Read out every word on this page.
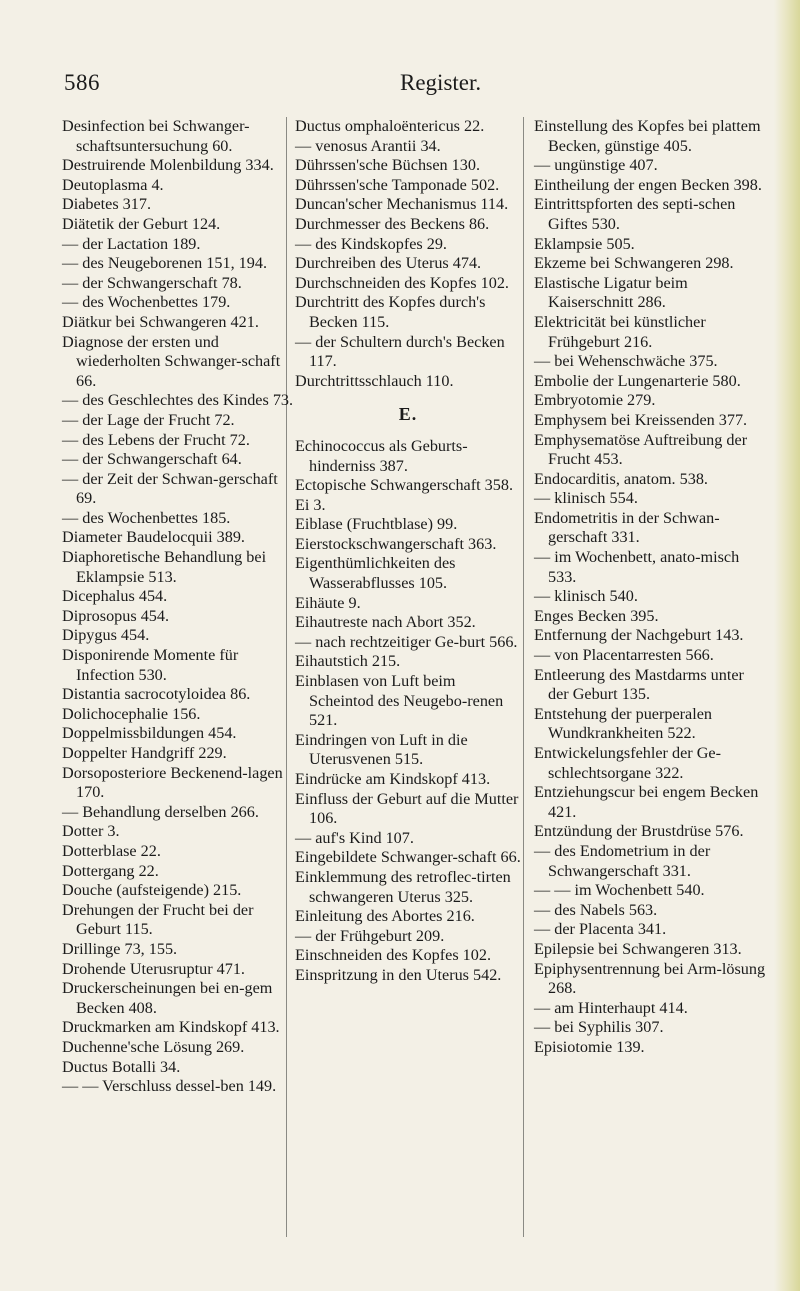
586	Register.
Desinfection bei Schwanger-schaftsuntersuchung 60.
Destruirende Molenbildung 334.
Deutoplasma 4.
Diabetes 317.
Diätetik der Geburt 124.
— der Lactation 189.
— des Neugeborenen 151, 194.
— der Schwangerschaft 78.
— des Wochenbettes 179.
Diätkur bei Schwangeren 421.
Diagnose der ersten und wiederholten Schwanger-schaft 66.
— des Geschlechtes des Kindes 73.
— der Lage der Frucht 72.
— des Lebens der Frucht 72.
— der Schwangerschaft 64.
— der Zeit der Schwan-gerschaft 69.
— des Wochenbettes 185.
Diameter Baudelocquii 389.
Diaphoretische Behandlung bei Eklampsie 513.
Dicephalus 454.
Diprosopus 454.
Dipygus 454.
Disponirende Momente für Infection 530.
Distantia sacrocotyloidea 86.
Dolichocephalie 156.
Doppelmissbildungen 454.
Doppelter Handgriff 229.
Dorsoposteriore Beckenend-lagen 170.
— Behandlung derselben 266.
Dotter 3.
Dotterblase 22.
Dottergang 22.
Douche (aufsteigende) 215.
Drehungen der Frucht bei der Geburt 115.
Drillinge 73, 155.
Drohende Uterusruptur 471.
Druckerscheinungen bei en-gem Becken 408.
Druckmarken am Kindskopf 413.
Duchenne'sche Lösung 269.
Ductus Botalli 34.
— — Verschluss dessel-ben 149.
Ductus omphaloëntericus 22.
— venosus Arantii 34.
Dührssen'sche Büchsen 130.
Dührssen'sche Tamponade 502.
Duncan'scher Mechanismus 114.
Durchmesser des Beckens 86.
— des Kindskopfes 29.
Durchreiben des Uterus 474.
Durchschneiden des Kopfes 102.
Durchtritt des Kopfes durch's Becken 115.
— der Schultern durch's Becken 117.
Durchtrittsschlauch 110.
E.
Echinococcus als Geburts-hinderniss 387.
Ectopische Schwangerschaft 358.
Ei 3.
Eiblase (Fruchtblase) 99.
Eierstockschwangerschaft 363.
Eigenthümlichkeiten des Wasserabflusses 105.
Eihäute 9.
Eihautreste nach Abort 352.
— nach rechtzeitiger Ge-burt 566.
Eihautstich 215.
Einblasen von Luft beim Scheintod des Neugebo-renen 521.
Eindringen von Luft in die Uterusvenen 515.
Eindrücke am Kindskopf 413.
Einfluss der Geburt auf die Mutter 106.
— auf's Kind 107.
Eingebildete Schwanger-schaft 66.
Einklemmung des retroflec-tirten schwangeren Uterus 325.
Einleitung des Abortes 216.
— der Frühgeburt 209.
Einschneiden des Kopfes 102.
Einspritzung in den Uterus 542.
Einstellung des Kopfes bei plattem Becken, günstige 405.
— ungünstige 407.
Eintheilung der engen Becken 398.
Eintrittspforten des septi-schen Giftes 530.
Eklampsie 505.
Ekzeme bei Schwangeren 298.
Elastische Ligatur beim Kaiserschnitt 286.
Elektricität bei künstlicher Frühgeburt 216.
— bei Wehenschwäche 375.
Embolie der Lungenarterie 580.
Embryotomie 279.
Emphysem bei Kreissenden 377.
Emphysematöse Auftreibung der Frucht 453.
Endocarditis, anatom. 538.
— klinisch 554.
Endometritis in der Schwan-gerschaft 331.
— im Wochenbett, anato-misch 533.
— klinisch 540.
Enges Becken 395.
Entfernung der Nachgeburt 143.
— von Placentarresten 566.
Entleerung des Mastdarms unter der Geburt 135.
Entstehung der puerperalen Wundkrankheiten 522.
Entwickelungsfehler der Ge-schlechtsorgane 322.
Entziehungscur bei engem Becken 421.
Entzündung der Brustdrüse 576.
— des Endometrium in der Schwangerschaft 331.
— — im Wochenbett 540.
— des Nabels 563.
— der Placenta 341.
Epilepsie bei Schwangeren 313.
Epiphysentrennung bei Arm-lösung 268.
— am Hinterhaupt 414.
— bei Syphilis 307.
Episiotomie 139.
